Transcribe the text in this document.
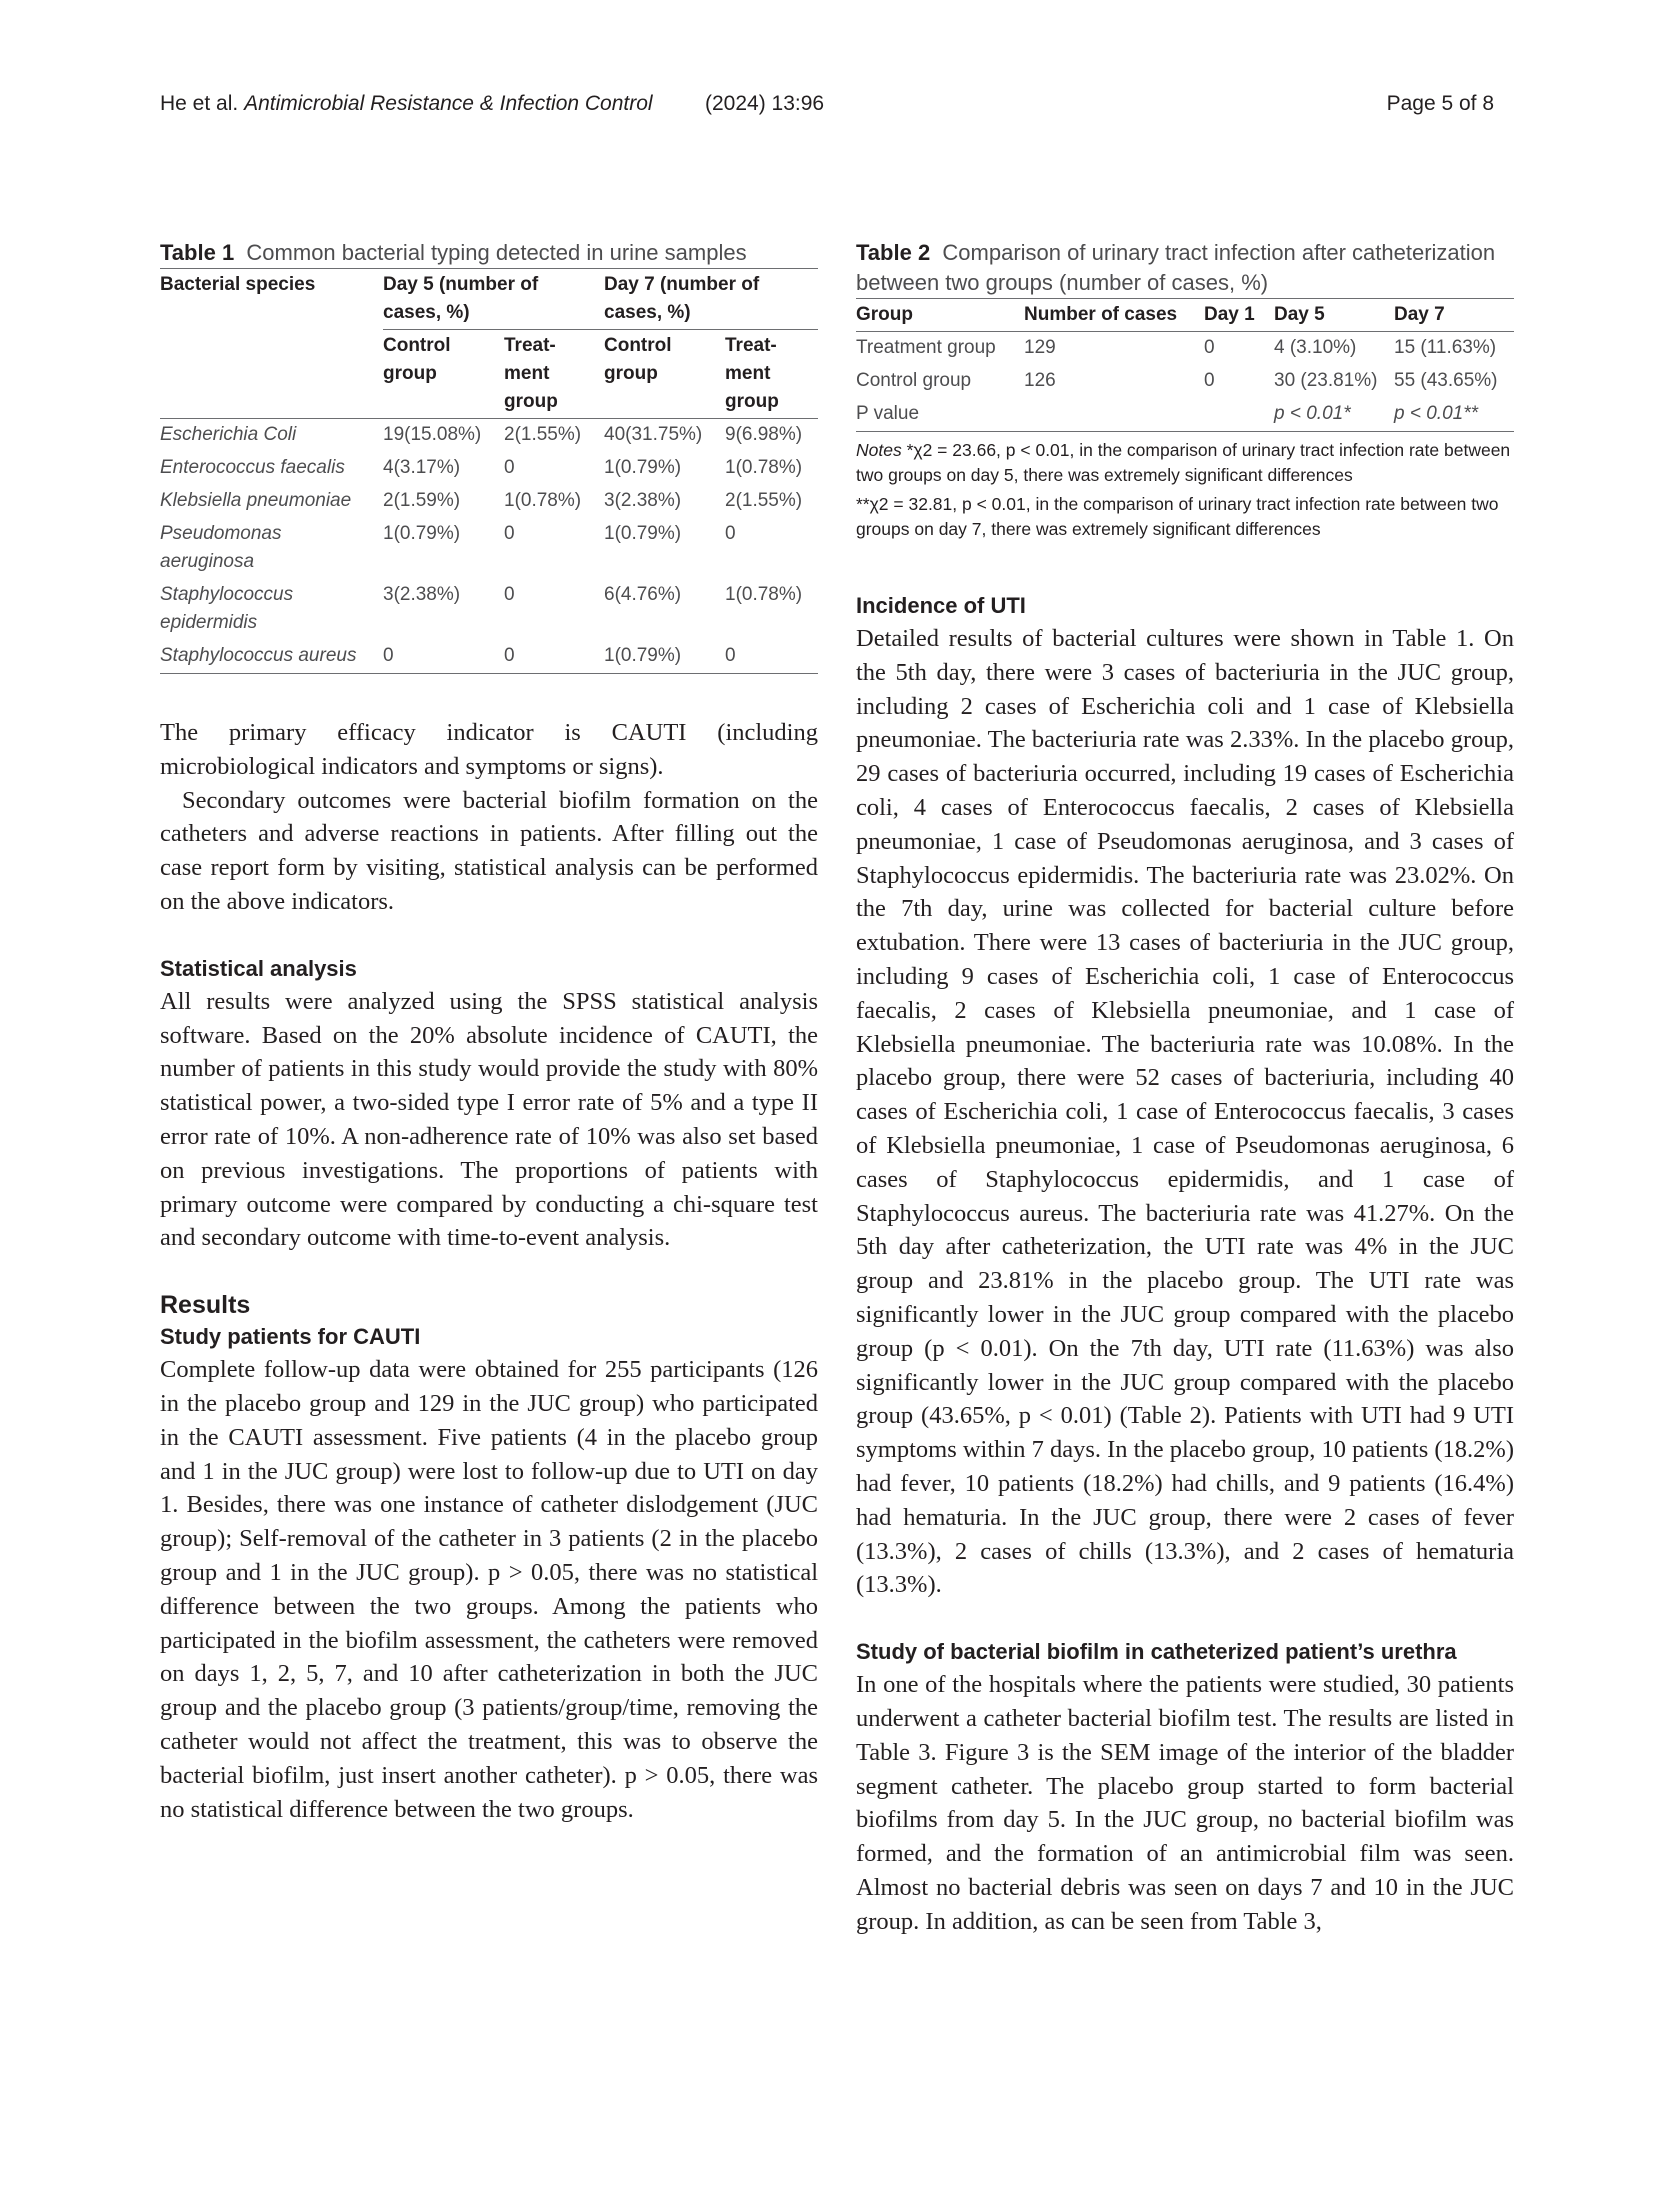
He et al. Antimicrobial Resistance & Infection Control (2024) 13:96	Page 5 of 8
Table 1 Common bacterial typing detected in urine samples
Bacterial species	Day 5 (number of cases, %)		Day 7 (number of cases, %)	
	Control group	Treat-ment group	Control group	Treat-ment group
Escherichia Coli	19(15.08%)	2(1.55%)	40(31.75%)	9(6.98%)
Enterococcus faecalis	4(3.17%)	0	1(0.79%)	1(0.78%)
Klebsiella pneumoniae	2(1.59%)	1(0.78%)	3(2.38%)	2(1.55%)
Pseudomonas aeruginosa	1(0.79%)	0	1(0.79%)	0
Staphylococcus epidermidis	3(2.38%)	0	6(4.76%)	1(0.78%)
Staphylococcus aureus	0	0	1(0.79%)	0

The primary efficacy indicator is CAUTI (including microbiological indicators and symptoms or signs).

Secondary outcomes were bacterial biofilm formation on the catheters and adverse reactions in patients. After filling out the case report form by visiting, statistical analysis can be performed on the above indicators.

Statistical analysis

All results were analyzed using the SPSS statistical analysis software. Based on the 20% absolute incidence of CAUTI, the number of patients in this study would provide the study with 80% statistical power, a two-sided type I error rate of 5% and a type II error rate of 10%. A non-adherence rate of 10% was also set based on previous investigations. The proportions of patients with primary outcome were compared by conducting a chi-square test and secondary outcome with time-to-event analysis.

Results

Study patients for CAUTI

Complete follow-up data were obtained for 255 participants (126 in the placebo group and 129 in the JUC group) who participated in the CAUTI assessment. Five patients (4 in the placebo group and 1 in the JUC group) were lost to follow-up due to UTI on day 1. Besides, there was one instance of catheter dislodgement (JUC group); Self-removal of the catheter in 3 patients (2 in the placebo group and 1 in the JUC group). p > 0.05, there was no statistical difference between the two groups. Among the patients who participated in the biofilm assessment, the catheters were removed on days 1, 2, 5, 7, and 10 after catheterization in both the JUC group and the placebo group (3 patients/group/time, removing the catheter would not affect the treatment, this was to observe the bacterial biofilm, just insert another catheter). p > 0.05, there was no statistical difference between the two groups.

Table 2 Comparison of urinary tract infection after catheterization between two groups (number of cases, %)
Group	Number of cases	Day 1	Day 5	Day 7
Treatment group	129	0	4 (3.10%)	15 (11.63%)
Control group	126	0	30 (23.81%)	55 (43.65%)
P value			p < 0.01*	p < 0.01**
Notes *χ2 = 23.66, p < 0.01, in the comparison of urinary tract infection rate between two groups on day 5, there was extremely significant differences
**χ2 = 32.81, p < 0.01, in the comparison of urinary tract infection rate between two groups on day 7, there was extremely significant differences

Incidence of UTI

Detailed results of bacterial cultures were shown in Table 1. On the 5th day, there were 3 cases of bacteriuria in the JUC group, including 2 cases of Escherichia coli and 1 case of Klebsiella pneumoniae. The bacteriuria rate was 2.33%. In the placebo group, 29 cases of bacteriuria occurred, including 19 cases of Escherichia coli, 4 cases of Enterococcus faecalis, 2 cases of Klebsiella pneumoniae, 1 case of Pseudomonas aeruginosa, and 3 cases of Staphylococcus epidermidis. The bacteriuria rate was 23.02%. On the 7th day, urine was collected for bacterial culture before extubation. There were 13 cases of bacteriuria in the JUC group, including 9 cases of Escherichia coli, 1 case of Enterococcus faecalis, 2 cases of Klebsiella pneumoniae, and 1 case of Klebsiella pneumoniae. The bacteriuria rate was 10.08%. In the placebo group, there were 52 cases of bacteriuria, including 40 cases of Escherichia coli, 1 case of Enterococcus faecalis, 3 cases of Klebsiella pneumoniae, 1 case of Pseudomonas aeruginosa, 6 cases of Staphylococcus epidermidis, and 1 case of Staphylococcus aureus. The bacteriuria rate was 41.27%. On the 5th day after catheterization, the UTI rate was 4% in the JUC group and 23.81% in the placebo group. The UTI rate was significantly lower in the JUC group compared with the placebo group (p < 0.01). On the 7th day, UTI rate (11.63%) was also significantly lower in the JUC group compared with the placebo group (43.65%, p < 0.01) (Table 2). Patients with UTI had 9 UTI symptoms within 7 days. In the placebo group, 10 patients (18.2%) had fever, 10 patients (18.2%) had chills, and 9 patients (16.4%) had hematuria. In the JUC group, there were 2 cases of fever (13.3%), 2 cases of chills (13.3%), and 2 cases of hematuria (13.3%).

Study of bacterial biofilm in catheterized patient’s urethra

In one of the hospitals where the patients were studied, 30 patients underwent a catheter bacterial biofilm test. The results are listed in Table 3. Figure 3 is the SEM image of the interior of the bladder segment catheter. The placebo group started to form bacterial biofilms from day 5. In the JUC group, no bacterial biofilm was formed, and the formation of an antimicrobial film was seen. Almost no bacterial debris was seen on days 7 and 10 in the JUC group. In addition, as can be seen from Table 3,
